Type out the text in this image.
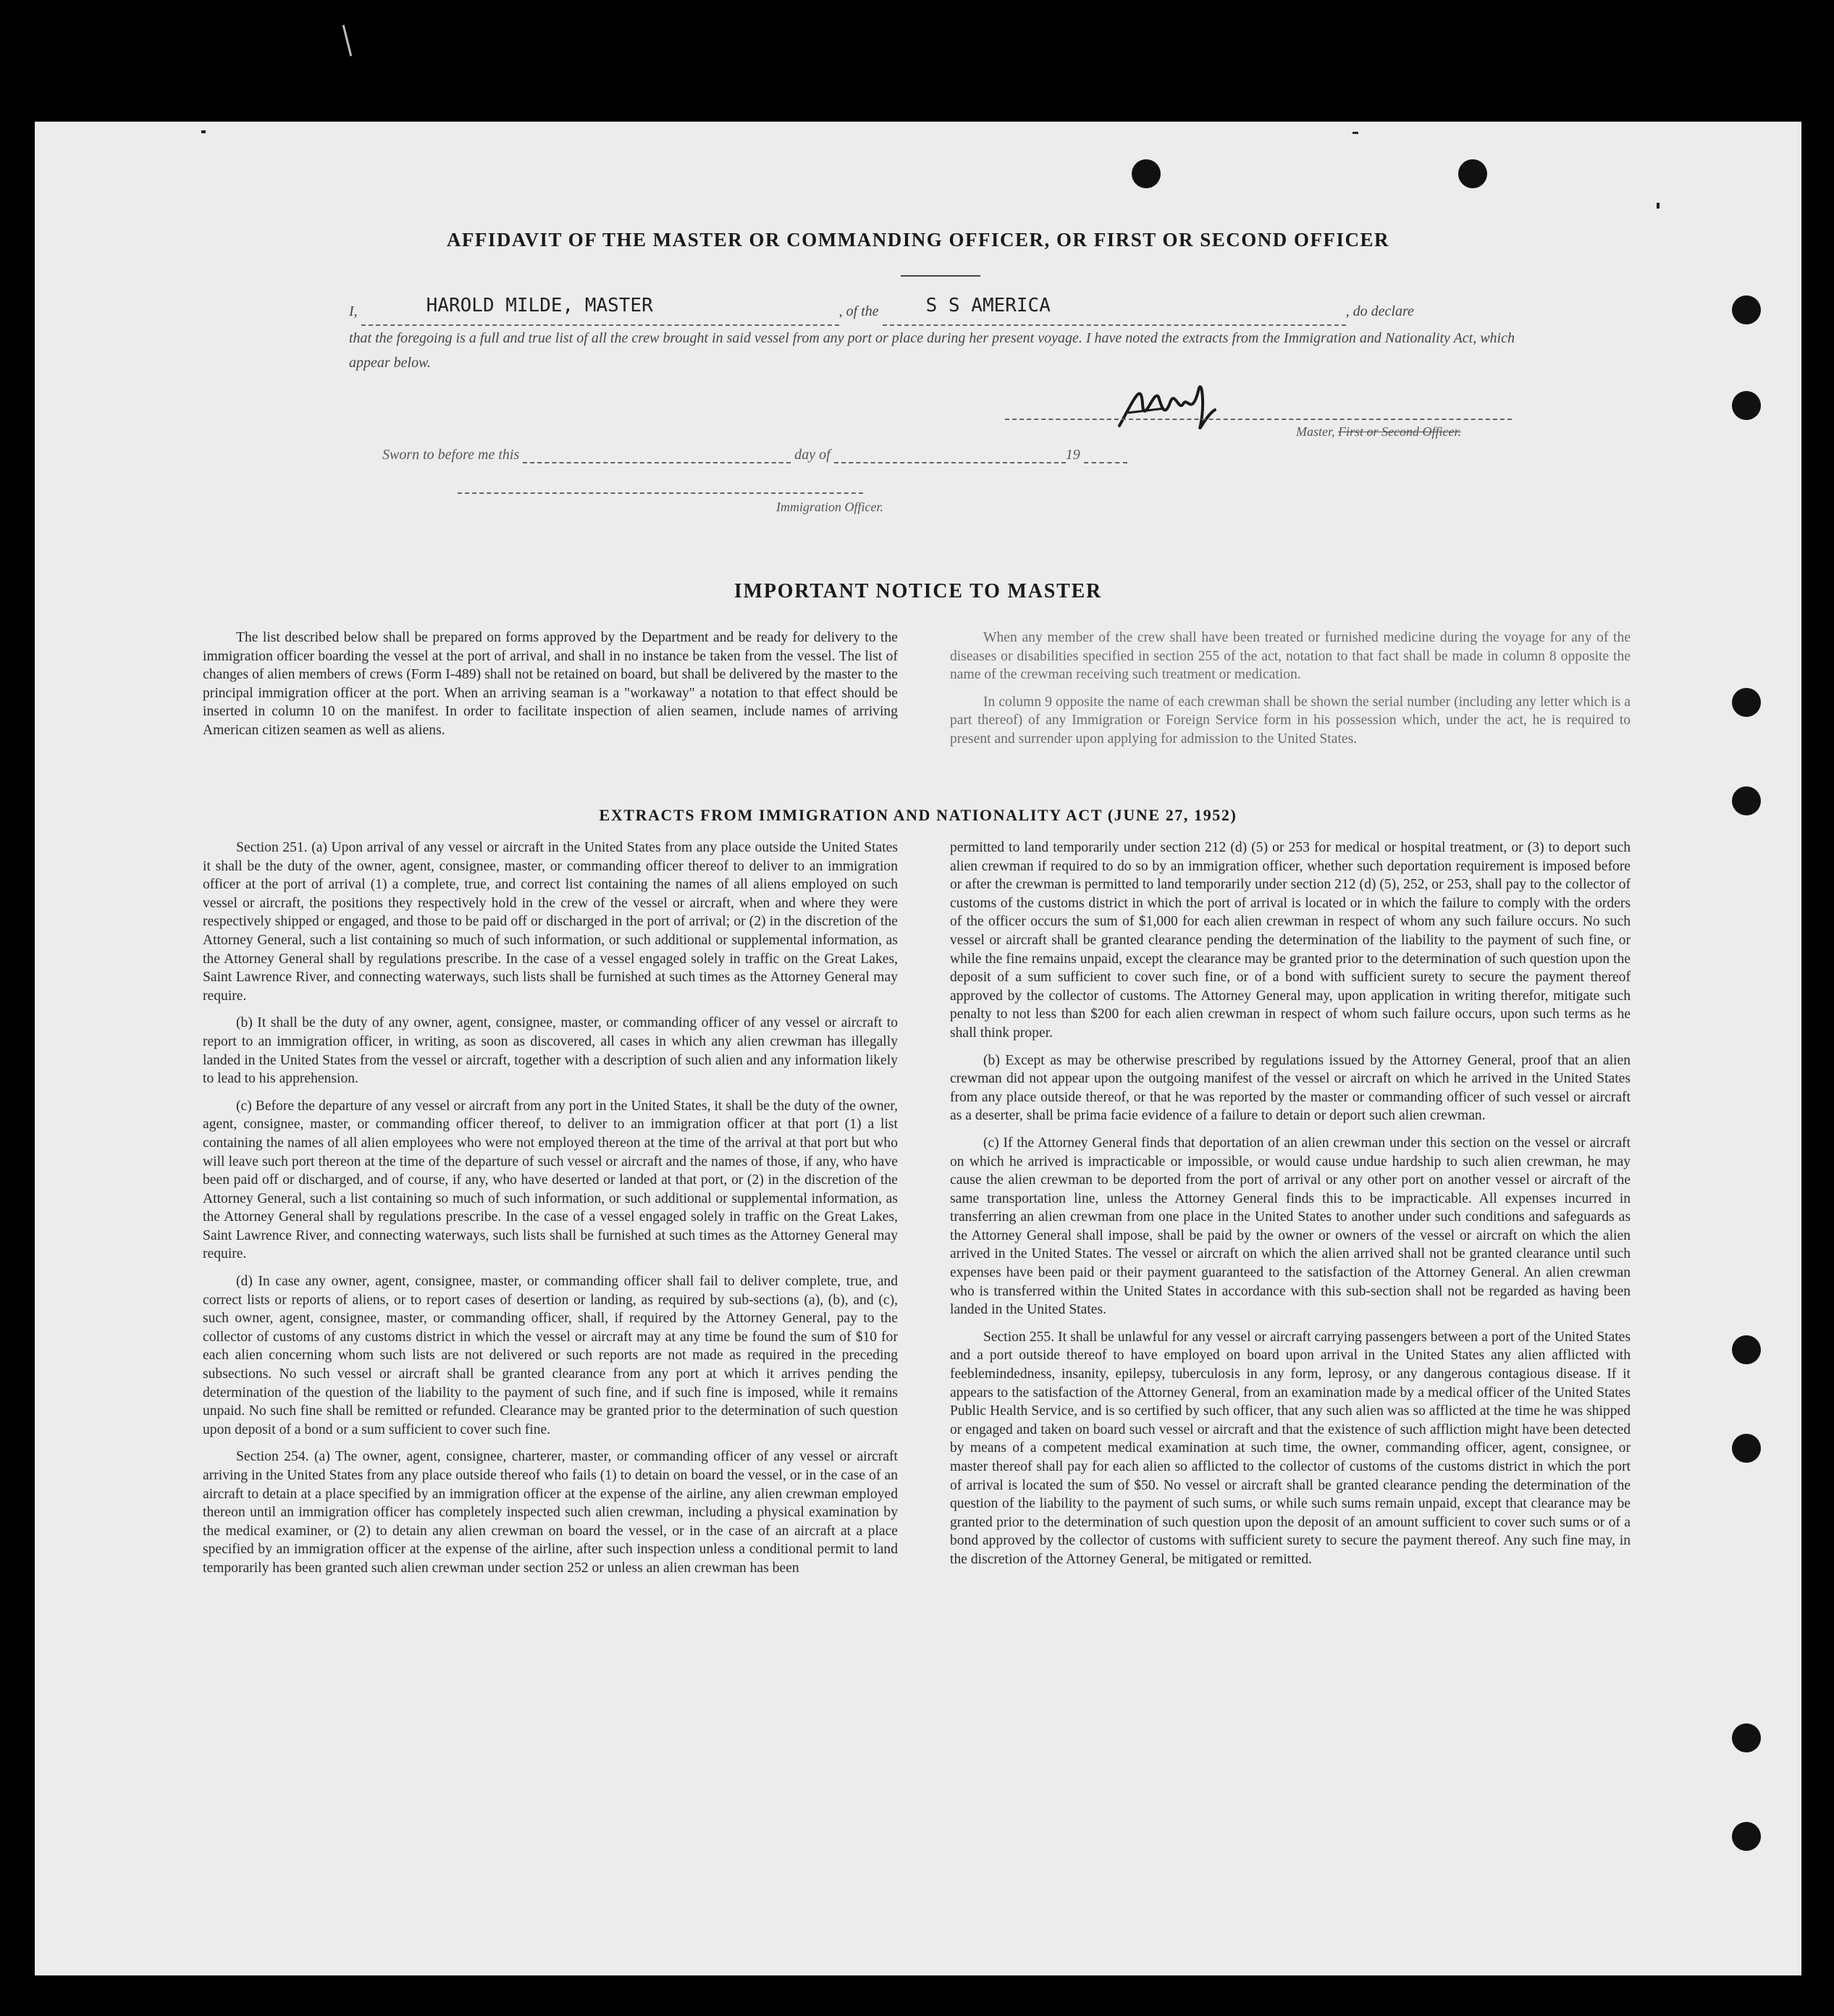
AFFIDAVIT OF THE MASTER OR COMMANDING OFFICER, OR FIRST OR SECOND OFFICER
I,	HAROLD MILDE, MASTER	, of the	S S AMERICA	, do declare
that the foregoing is a full and true list of all the crew brought in said vessel from any port or place during her present voyage. I have noted the extracts from the Immigration and Nationality Act, which appear below.
Master, First or Second Officer.
Sworn to before me this	day of	19
Immigration Officer.
IMPORTANT NOTICE TO MASTER

The list described below shall be prepared on forms approved by the Department and be ready for delivery to the immigration officer boarding the vessel at the port of arrival, and shall in no instance be taken from the vessel. The list of changes of alien members of crews (Form I-489) shall not be retained on board, but shall be delivered by the master to the principal immigration officer at the port. When an arriving seaman is a "workaway" a notation to that effect should be inserted in column 10 on the manifest. In order to facilitate inspection of alien seamen, include names of arriving American citizen seamen as well as aliens.

When any member of the crew shall have been treated or furnished medicine during the voyage for any of the diseases or disabilities specified in section 255 of the act, notation to that fact shall be made in column 8 opposite the name of the crewman receiving such treatment or medication.

In column 9 opposite the name of each crewman shall be shown the serial number (including any letter which is a part thereof) of any Immigration or Foreign Service form in his possession which, under the act, he is required to present and surrender upon applying for admission to the United States.

EXTRACTS FROM IMMIGRATION AND NATIONALITY ACT (JUNE 27, 1952)

Section 251. (a) Upon arrival of any vessel or aircraft in the United States from any place outside the United States it shall be the duty of the owner, agent, consignee, master, or commanding officer thereof to deliver to an immigration officer at the port of arrival (1) a complete, true, and correct list containing the names of all aliens employed on such vessel or aircraft, the positions they respectively hold in the crew of the vessel or aircraft, when and where they were respectively shipped or engaged, and those to be paid off or discharged in the port of arrival; or (2) in the discretion of the Attorney General, such a list containing so much of such information, or such additional or supplemental information, as the Attorney General shall by regulations prescribe. In the case of a vessel engaged solely in traffic on the Great Lakes, Saint Lawrence River, and connecting waterways, such lists shall be furnished at such times as the Attorney General may require.

(b) It shall be the duty of any owner, agent, consignee, master, or commanding officer of any vessel or aircraft to report to an immigration officer, in writing, as soon as discovered, all cases in which any alien crewman has illegally landed in the United States from the vessel or aircraft, together with a description of such alien and any information likely to lead to his apprehension.

(c) Before the departure of any vessel or aircraft from any port in the United States, it shall be the duty of the owner, agent, consignee, master, or commanding officer thereof, to deliver to an immigration officer at that port (1) a list containing the names of all alien employees who were not employed thereon at the time of the arrival at that port but who will leave such port thereon at the time of the departure of such vessel or aircraft and the names of those, if any, who have been paid off or discharged, and of course, if any, who have deserted or landed at that port, or (2) in the discretion of the Attorney General, such a list containing so much of such information, or such additional or supplemental information, as the Attorney General shall by regulations prescribe. In the case of a vessel engaged solely in traffic on the Great Lakes, Saint Lawrence River, and connecting waterways, such lists shall be furnished at such times as the Attorney General may require.

(d) In case any owner, agent, consignee, master, or commanding officer shall fail to deliver complete, true, and correct lists or reports of aliens, or to report cases of desertion or landing, as required by sub-sections (a), (b), and (c), such owner, agent, consignee, master, or commanding officer, shall, if required by the Attorney General, pay to the collector of customs of any customs district in which the vessel or aircraft may at any time be found the sum of $10 for each alien concerning whom such lists are not delivered or such reports are not made as required in the preceding subsections. No such vessel or aircraft shall be granted clearance from any port at which it arrives pending the determination of the question of the liability to the payment of such fine, and if such fine is imposed, while it remains unpaid. No such fine shall be remitted or refunded. Clearance may be granted prior to the determination of such question upon deposit of a bond or a sum sufficient to cover such fine.

Section 254. (a) The owner, agent, consignee, charterer, master, or commanding officer of any vessel or aircraft arriving in the United States from any place outside thereof who fails (1) to detain on board the vessel, or in the case of an aircraft to detain at a place specified by an immigration officer at the expense of the airline, any alien crewman employed thereon until an immigration officer has completely inspected such alien crewman, including a physical examination by the medical examiner, or (2) to detain any alien crewman on board the vessel, or in the case of an aircraft at a place specified by an immigration officer at the expense of the airline, after such inspection unless a conditional permit to land temporarily has been granted such alien crewman under section 252 or unless an alien crewman has been

permitted to land temporarily under section 212 (d) (5) or 253 for medical or hospital treatment, or (3) to deport such alien crewman if required to do so by an immigration officer, whether such deportation requirement is imposed before or after the crewman is permitted to land temporarily under section 212 (d) (5), 252, or 253, shall pay to the collector of customs of the customs district in which the port of arrival is located or in which the failure to comply with the orders of the officer occurs the sum of $1,000 for each alien crewman in respect of whom any such failure occurs. No such vessel or aircraft shall be granted clearance pending the determination of the liability to the payment of such fine, or while the fine remains unpaid, except the clearance may be granted prior to the determination of such question upon the deposit of a sum sufficient to cover such fine, or of a bond with sufficient surety to secure the payment thereof approved by the collector of customs. The Attorney General may, upon application in writing therefor, mitigate such penalty to not less than $200 for each alien crewman in respect of whom such failure occurs, upon such terms as he shall think proper.

(b) Except as may be otherwise prescribed by regulations issued by the Attorney General, proof that an alien crewman did not appear upon the outgoing manifest of the vessel or aircraft on which he arrived in the United States from any place outside thereof, or that he was reported by the master or commanding officer of such vessel or aircraft as a deserter, shall be prima facie evidence of a failure to detain or deport such alien crewman.

(c) If the Attorney General finds that deportation of an alien crewman under this section on the vessel or aircraft on which he arrived is impracticable or impossible, or would cause undue hardship to such alien crewman, he may cause the alien crewman to be deported from the port of arrival or any other port on another vessel or aircraft of the same transportation line, unless the Attorney General finds this to be impracticable. All expenses incurred in transferring an alien crewman from one place in the United States to another under such conditions and safeguards as the Attorney General shall impose, shall be paid by the owner or owners of the vessel or aircraft on which the alien arrived in the United States. The vessel or aircraft on which the alien arrived shall not be granted clearance until such expenses have been paid or their payment guaranteed to the satisfaction of the Attorney General. An alien crewman who is transferred within the United States in accordance with this sub-section shall not be regarded as having been landed in the United States.

Section 255. It shall be unlawful for any vessel or aircraft carrying passengers between a port of the United States and a port outside thereof to have employed on board upon arrival in the United States any alien afflicted with feeblemindedness, insanity, epilepsy, tuberculosis in any form, leprosy, or any dangerous contagious disease. If it appears to the satisfaction of the Attorney General, from an examination made by a medical officer of the United States Public Health Service, and is so certified by such officer, that any such alien was so afflicted at the time he was shipped or engaged and taken on board such vessel or aircraft and that the existence of such affliction might have been detected by means of a competent medical examination at such time, the owner, commanding officer, agent, consignee, or master thereof shall pay for each alien so afflicted to the collector of customs of the customs district in which the port of arrival is located the sum of $50. No vessel or aircraft shall be granted clearance pending the determination of the question of the liability to the payment of such sums, or while such sums remain unpaid, except that clearance may be granted prior to the determination of such question upon the deposit of an amount sufficient to cover such sums or of a bond approved by the collector of customs with sufficient surety to secure the payment thereof. Any such fine may, in the discretion of the Attorney General, be mitigated or remitted.
